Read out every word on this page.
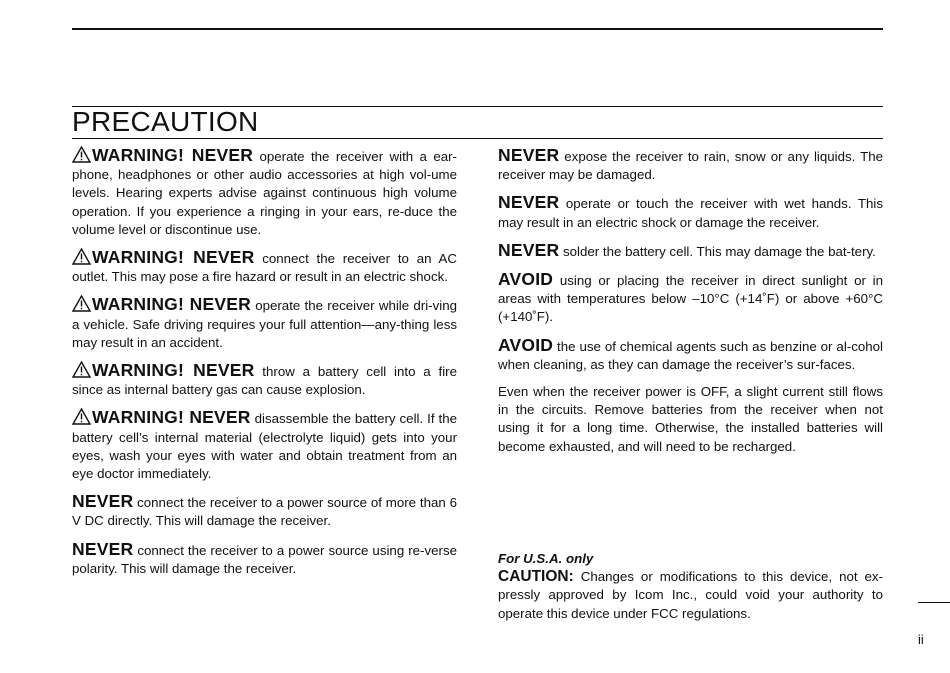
PRECAUTION

WARNING! NEVER operate the receiver with a ear-phone, headphones or other audio accessories at high vol-ume levels. Hearing experts advise against continuous high volume operation. If you experience a ringing in your ears, re-duce the volume level or discontinue use.

WARNING! NEVER connect the receiver to an AC outlet. This may pose a fire hazard or result in an electric shock.

WARNING! NEVER operate the receiver while dri-ving a vehicle. Safe driving requires your full attention—any-thing less may result in an accident.

WARNING! NEVER throw a battery cell into a fire since as internal battery gas can cause explosion.

WARNING! NEVER disassemble the battery cell. If the battery cell’s internal material (electrolyte liquid) gets into your eyes, wash your eyes with water and obtain treatment from an eye doctor immediately.

NEVER connect the receiver to a power source of more than 6 V DC directly. This will damage the receiver.

NEVER connect the receiver to a power source using re-verse polarity. This will damage the receiver.

NEVER expose the receiver to rain, snow or any liquids. The receiver may be damaged.

NEVER operate or touch the receiver with wet hands. This may result in an electric shock or damage the receiver.

NEVER solder the battery cell. This may damage the bat-tery.

AVOID using or placing the receiver in direct sunlight or in areas with temperatures below –10°C (+14˚F) or above +60°C (+140˚F).

AVOID the use of chemical agents such as benzine or al-cohol when cleaning, as they can damage the receiver’s sur-faces.

Even when the receiver power is OFF, a slight current still flows in the circuits. Remove batteries from the receiver when not using it for a long time. Otherwise, the installed batteries will become exhausted, and will need to be recharged.

For U.S.A. only
CAUTION: Changes or modifications to this device, not ex-pressly approved by Icom Inc., could void your authority to operate this device under FCC regulations.
ii
